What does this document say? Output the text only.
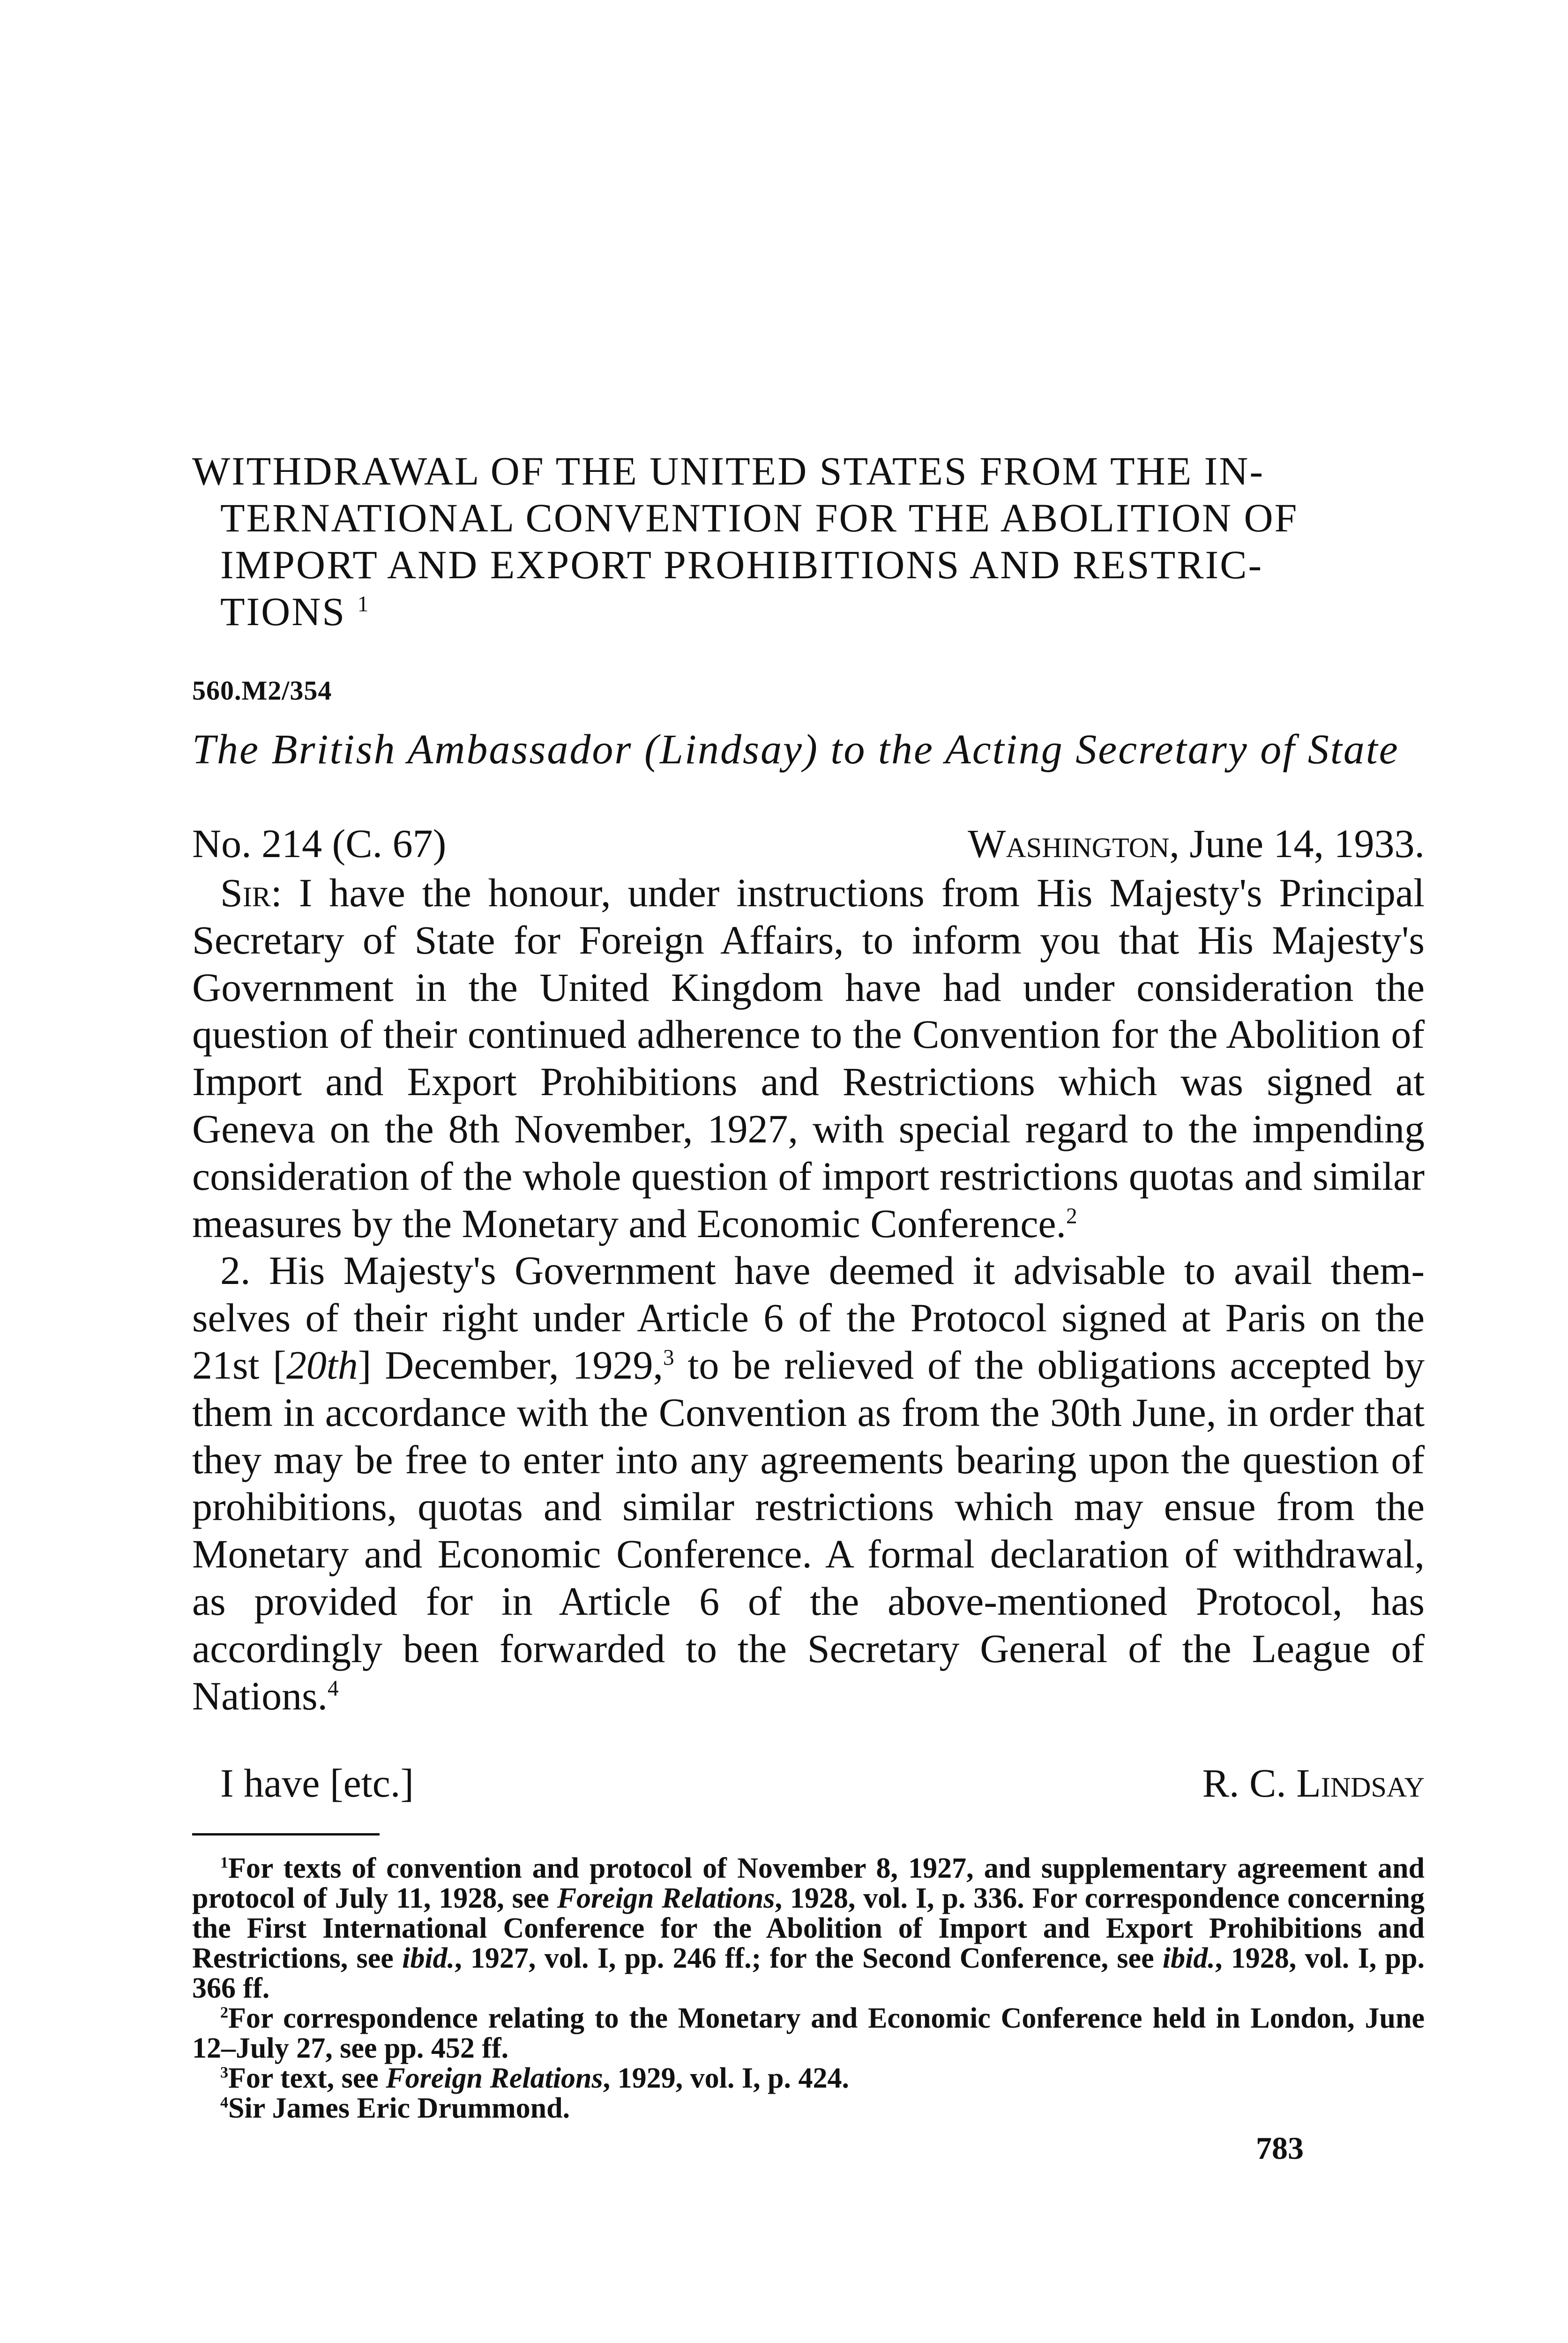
WITHDRAWAL OF THE UNITED STATES FROM THE IN-

TERNATIONAL CONVENTION FOR THE ABOLITION OF
IMPORT AND EXPORT PROHIBITIONS AND RESTRIC-
TIONS $^1$
560.M2/354
The British Ambassador (Lindsay) to the Acting Secretary of State
No. 214 (C. 67)	Washington, June 14, 1933.

Sir: I have the honour, under instructions from His Majesty's Principal Secretary of State for Foreign Affairs, to inform you that His Majesty's Government in the United Kingdom have had under consideration the question of their continued adherence to the Convention for the Abolition of Import and Export Prohibitions and Restrictions which was signed at Geneva on the 8th November, 1927, with special regard to the impending consideration of the whole question of import restrictions quotas and similar measures by the Monetary and Economic Conference.$^2$

2. His Majesty's Government have deemed it advisable to avail themselves of their right under Article 6 of the Protocol signed at Paris on the 21st [20th] December, 1929,$^3$ to be relieved of the obligations accepted by them in accordance with the Convention as from the 30th June, in order that they may be free to enter into any agreements bearing upon the question of prohibitions, quotas and similar restrictions which may ensue from the Monetary and Economic Conference. A formal declaration of withdrawal, as provided for in Article 6 of the above-mentioned Protocol, has accordingly been forwarded to the Secretary General of the League of Nations.$^4$

I have [etc.]	R. C. Lindsay

$^1$For texts of convention and protocol of November 8, 1927, and supplementary agreement and protocol of July 11, 1928, see Foreign Relations, 1928, vol. I, p. 336. For correspondence concerning the First International Conference for the Abolition of Import and Export Prohibitions and Restrictions, see ibid., 1927, vol. I, pp. 246 ff.; for the Second Conference, see ibid., 1928, vol. I, pp. 366 ff.

$^2$For correspondence relating to the Monetary and Economic Conference held in London, June 12–July 27, see pp. 452 ff.

$^3$For text, see Foreign Relations, 1929, vol. I, p. 424.

$^4$Sir James Eric Drummond.

783
